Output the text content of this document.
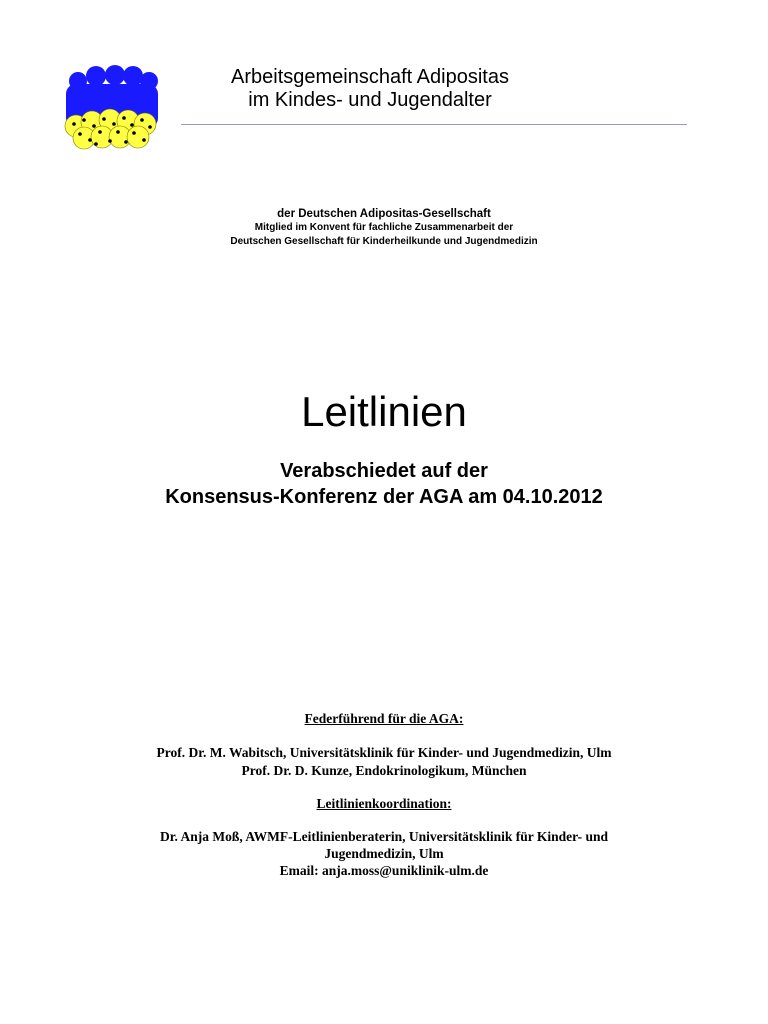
Arbeitsgemeinschaft Adipositas
im Kindes- und Jugendalter
der Deutschen Adipositas-Gesellschaft
Mitglied im Konvent für fachliche Zusammenarbeit der
Deutschen Gesellschaft für Kinderheilkunde und Jugendmedizin
Leitlinien
Verabschiedet auf der
Konsensus-Konferenz der AGA am 04.10.2012
Federführend für die AGA:
Prof. Dr. M. Wabitsch, Universitätsklinik für Kinder- und Jugendmedizin, Ulm
Prof. Dr. D. Kunze, Endokrinologikum, München
Leitlinienkoordination:
Dr. Anja Moß, AWMF-Leitlinienberaterin, Universitätsklinik für Kinder- und
Jugendmedizin, Ulm
Email: anja.moss@uniklinik-ulm.de
